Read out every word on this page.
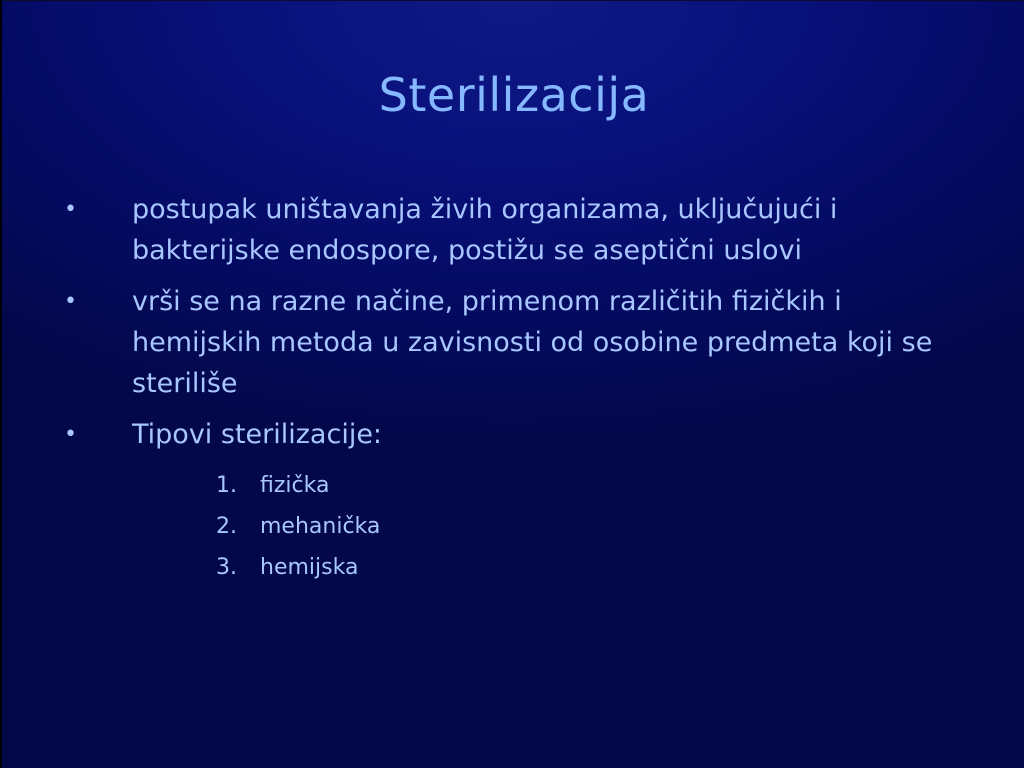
Sterilizacija
• postupak uništavanja živih organizama, uključujući i bakterijske endospore, postižu se aseptični uslovi
• vrši se na razne načine, primenom različitih fizičkih i hemijskih metoda u zavisnosti od osobine predmeta koji se steriliše
• Tipovi sterilizacije:
1. fizička
2. mehanička
3. hemijska
